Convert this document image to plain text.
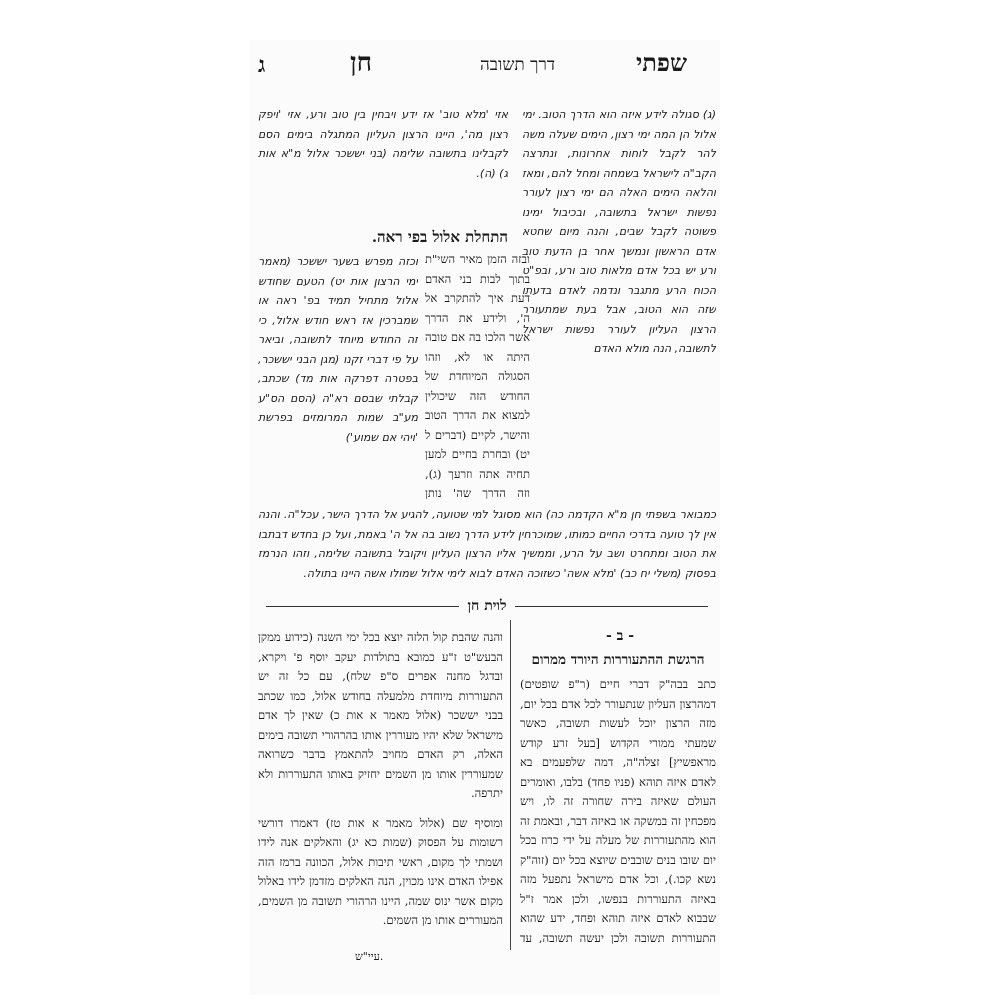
ג	חן	דרך תשובה	שפתי

(ג) סגולה לידע איזה הוא הדרך הטוב. ימי אלול הן המה ימי רצון, הימים שעלה משה להר לקבל לוחות אחרונות, ונתרצה הקב"ה לישראל בשמחה ומחל להם, ומאז והלאה הימים האלה הם ימי רצון לעורר נפשות ישראל בתשובה, ובכיבול ימינו פשוטה לקבל שבים, והנה מיום שחטא אדם הראשון ונמשך אחר בן הדעת טוב ורע יש בכל אדם מלאות טוב ורע, ובפ"ט הכוח הרע מתגבר ונדמה לאדם בדעתו שזה הוא הטוב, אבל בעת שמתעורר הרצון העליון לעורר נפשות ישראל לתשובה, הנה מולא האדם

אזי 'מלא טוב' אז ידע ויבחין בין טוב ורע, אזי 'ויפק רצון מה', היינו הרצון העליון המתגלה בימים הסם לקבלינו בתשובה שלימה (בני יששכר אלול מ"א אות ג) (ה).

התחלת אלול בפי ראה.

וכזה מפרש בשער יששכר (מאמר ימי הרצון אות יט) הטעם שחודש אלול מתחיל תמיד בפ' ראה או שמברכין אז ראש חודש אלול, כי זה החודש מיוחד לתשובה, וביאר על פי דברי זקנו (מגן הבני יששכר, בפטרה דפרקה אות מד) שכתב, קבלתי שבסם רא"ה (הסם הס"ע מע"ב שמות המרומזים בפרשת 'ויהי אם שמוע')

ובזה הזמן מאיר השי"ת בתוך לבות בני האדם דעת איך להתקרב אל ה', ולידע את הדרך אשר הלכו בה אם טובה היתה או לא, וזהו הסגולה המיוחדת של החודש הזה שיכולין למצוא את הדרך הטוב והישר, לקיים (דברים ל יט) ובחרת בחיים למען תחיה אתה וזרעך (ג), וזה הדרך שה' נותן

כמבואר בשפתי חן מ"א הקדמה כה) הוא מסוגל למי שטועה, להגיע אל הדרך הישר, עכל"ה. והנה אין לך טועה בדרכי החיים כמותו, שמוכרחין לידע הדרך נשוב בה אל ה' באמת, ועל כן בחדש דבתבו את הטוב ומתחרט ושב על הרע, וממשיך אליו הרצון העליון ויקובל בתשובה שלימה, וזהו הנרמז בפסוק (משלי יח כב) 'מלא אשה' כשזוכה האדם לבוא לימי אלול שמולו אשה היינו בתולה.

לוית חן
- ב -
הרגשת ההתעוררות היורד ממרום

כתב בבה"ק דברי חיים (ר"פ שופטים) דמהרצון העליון שנתעורר לכל אדם בכל יום, מזה הרצון יוכל לעשות תשובה, כאשר שמעתי ממורי הקדוש [בעל זרע קודש מראפשיץ] זצלה"ה, דמה שלפעמים בא לאדם איזה תוהא (פניו פחד) בלבו, ואומרים העולם שאיזה בירה שחורה זה לו, ויש מפכחין זה במשקה או באיזה דבר, ובאמת זה הוא מהתעוררות של מעלה על ידי כרוז בכל יום שובו בנים שובבים שיוצא בכל יום (זוה"ק נשא קכו.), וכל אדם מישראל נתפעל מזה באיזה התעוררות בנפשו, ולכן אמר ז"ל שבבוא לאדם איזה תוהא ופחד, ידע שהוא התעוררות תשובה ולכן יעשה תשובה, עד

והנה שהבת קול הלזה יוצא בכל ימי השנה (כידוע ממקן הבעש"ט ז"ע כמובא בתולדות יעקב יוסף פ' ויקרא, ובדגל מחנה אפרים ס"פ שלח), עם כל זה יש התעוררות מיוחדת מלמעלה בחודש אלול, כמו שכתב בבני יששכר (אלול מאמר א אות כ) שאין לך אדם מישראל שלא יהיו מעוררין אותו בהרהורי תשובה בימים האלה, רק האדם מחויב להתאמץ בדבר כשרואה שמעוררין אותו מן השמים יחזיק באותו התעוררות ולא יתרפה.

ומוסיף שם (אלול מאמר א אות טז) דאמרו דורשי רשומות על הפסוק (שמות כא יג) והאלקים אנה לידו ושמתי לך מקום, ראשי תיבות אלול, הכוונה ברמז הזה אפילו האדם אינו מכוין, הנה האלקים מזדמן לידו באלול מקום אשר ינוס שמה, היינו הרהורי תשובה מן השמים, המעוררים אותו מן השמים.

עיי"ש.
